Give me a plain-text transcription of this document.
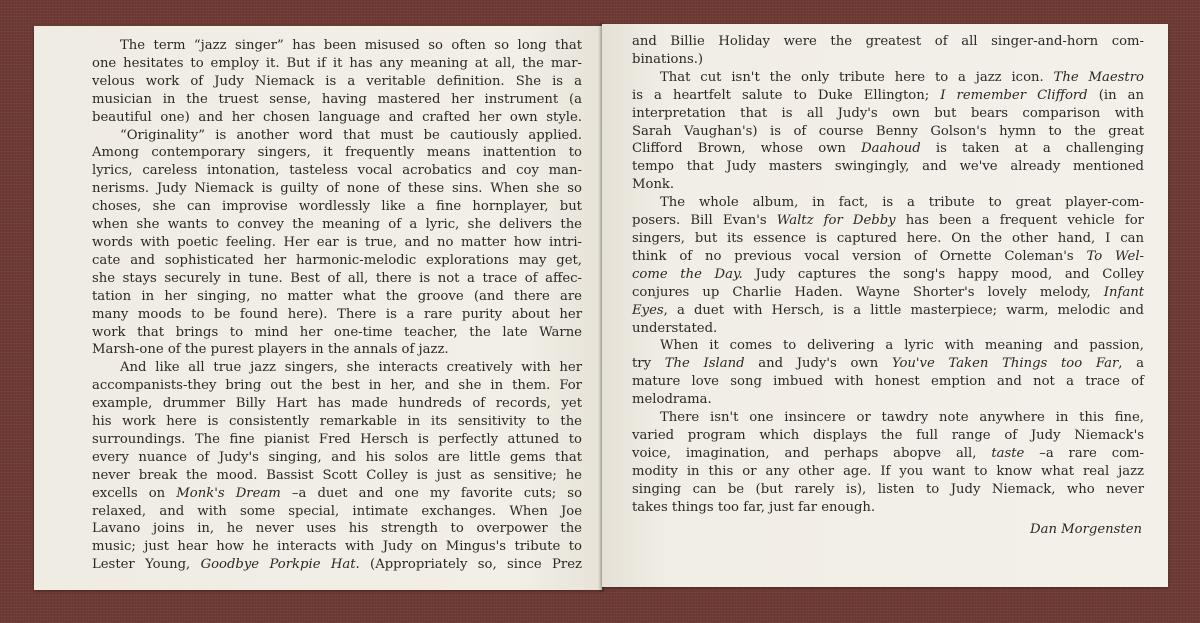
The term “jazz singer” has been misused so often so long that
one hesitates to employ it. But if it has any meaning at all, the mar-
velous work of Judy Niemack is a veritable definition. She is a
musician in the truest sense, having mastered her instrument (a
beautiful one) and her chosen language and crafted her own style.
“Originality” is another word that must be cautiously applied.
Among contemporary singers, it frequently means inattention to
lyrics, careless intonation, tasteless vocal acrobatics and coy man-
nerisms. Judy Niemack is guilty of none of these sins. When she so
choses, she can improvise wordlessly like a fine hornplayer, but
when she wants to convey the meaning of a lyric, she delivers the
words with poetic feeling. Her ear is true, and no matter how intri-
cate and sophisticated her harmonic-melodic explorations may get,
she stays securely in tune. Best of all, there is not a trace of affec-
tation in her singing, no matter what the groove (and there are
many moods to be found here). There is a rare purity about her
work that brings to mind her one-time teacher, the late Warne
Marsh-one of the purest players in the annals of jazz.
And like all true jazz singers, she interacts creatively with her
accompanists-they bring out the best in her, and she in them. For
example, drummer Billy Hart has made hundreds of records, yet
his work here is consistently remarkable in its sensitivity to the
surroundings. The fine pianist Fred Hersch is perfectly attuned to
every nuance of Judy's singing, and his solos are little gems that
never break the mood. Bassist Scott Colley is just as sensitive; he
excells on Monk's Dream –a duet and one my favorite cuts; so
relaxed, and with some special, intimate exchanges. When Joe
Lavano joins in, he never uses his strength to overpower the
music; just hear how he interacts with Judy on Mingus's tribute to
Lester Young, Goodbye Porkpie Hat. (Appropriately so, since Prez
and Billie Holiday were the greatest of all singer-and-horn com-
binations.)
That cut isn't the only tribute here to a jazz icon. The Maestro
is a heartfelt salute to Duke Ellington; I remember Clifford (in an
interpretation that is all Judy's own but bears comparison with
Sarah Vaughan's) is of course Benny Golson's hymn to the great
Clifford Brown, whose own Daahoud is taken at a challenging
tempo that Judy masters swingingly, and we've already mentioned
Monk.
The whole album, in fact, is a tribute to great player-com-
posers. Bill Evan's Waltz for Debby has been a frequent vehicle for
singers, but its essence is captured here. On the other hand, I can
think of no previous vocal version of Ornette Coleman's To Wel-
come the Day. Judy captures the song's happy mood, and Colley
conjures up Charlie Haden. Wayne Shorter's lovely melody, Infant
Eyes, a duet with Hersch, is a little masterpiece; warm, melodic and
understated.
When it comes to delivering a lyric with meaning and passion,
try The Island and Judy's own You've Taken Things too Far, a
mature love song imbued with honest emption and not a trace of
melodrama.
There isn't one insincere or tawdry note anywhere in this fine,
varied program which displays the full range of Judy Niemack's
voice, imagination, and perhaps abopve all, taste –a rare com-
modity in this or any other age. If you want to know what real jazz
singing can be (but rarely is), listen to Judy Niemack, who never
takes things too far, just far enough.
Dan Morgensten
